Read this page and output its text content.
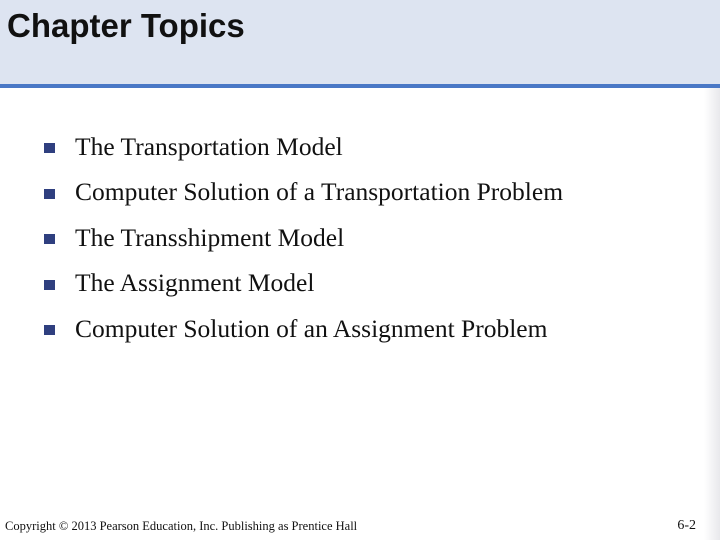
Chapter Topics
The Transportation Model
Computer Solution of a Transportation Problem
The Transshipment Model
The Assignment Model
Computer Solution of an Assignment Problem
Copyright © 2013 Pearson Education, Inc. Publishing as Prentice Hall	6-2
